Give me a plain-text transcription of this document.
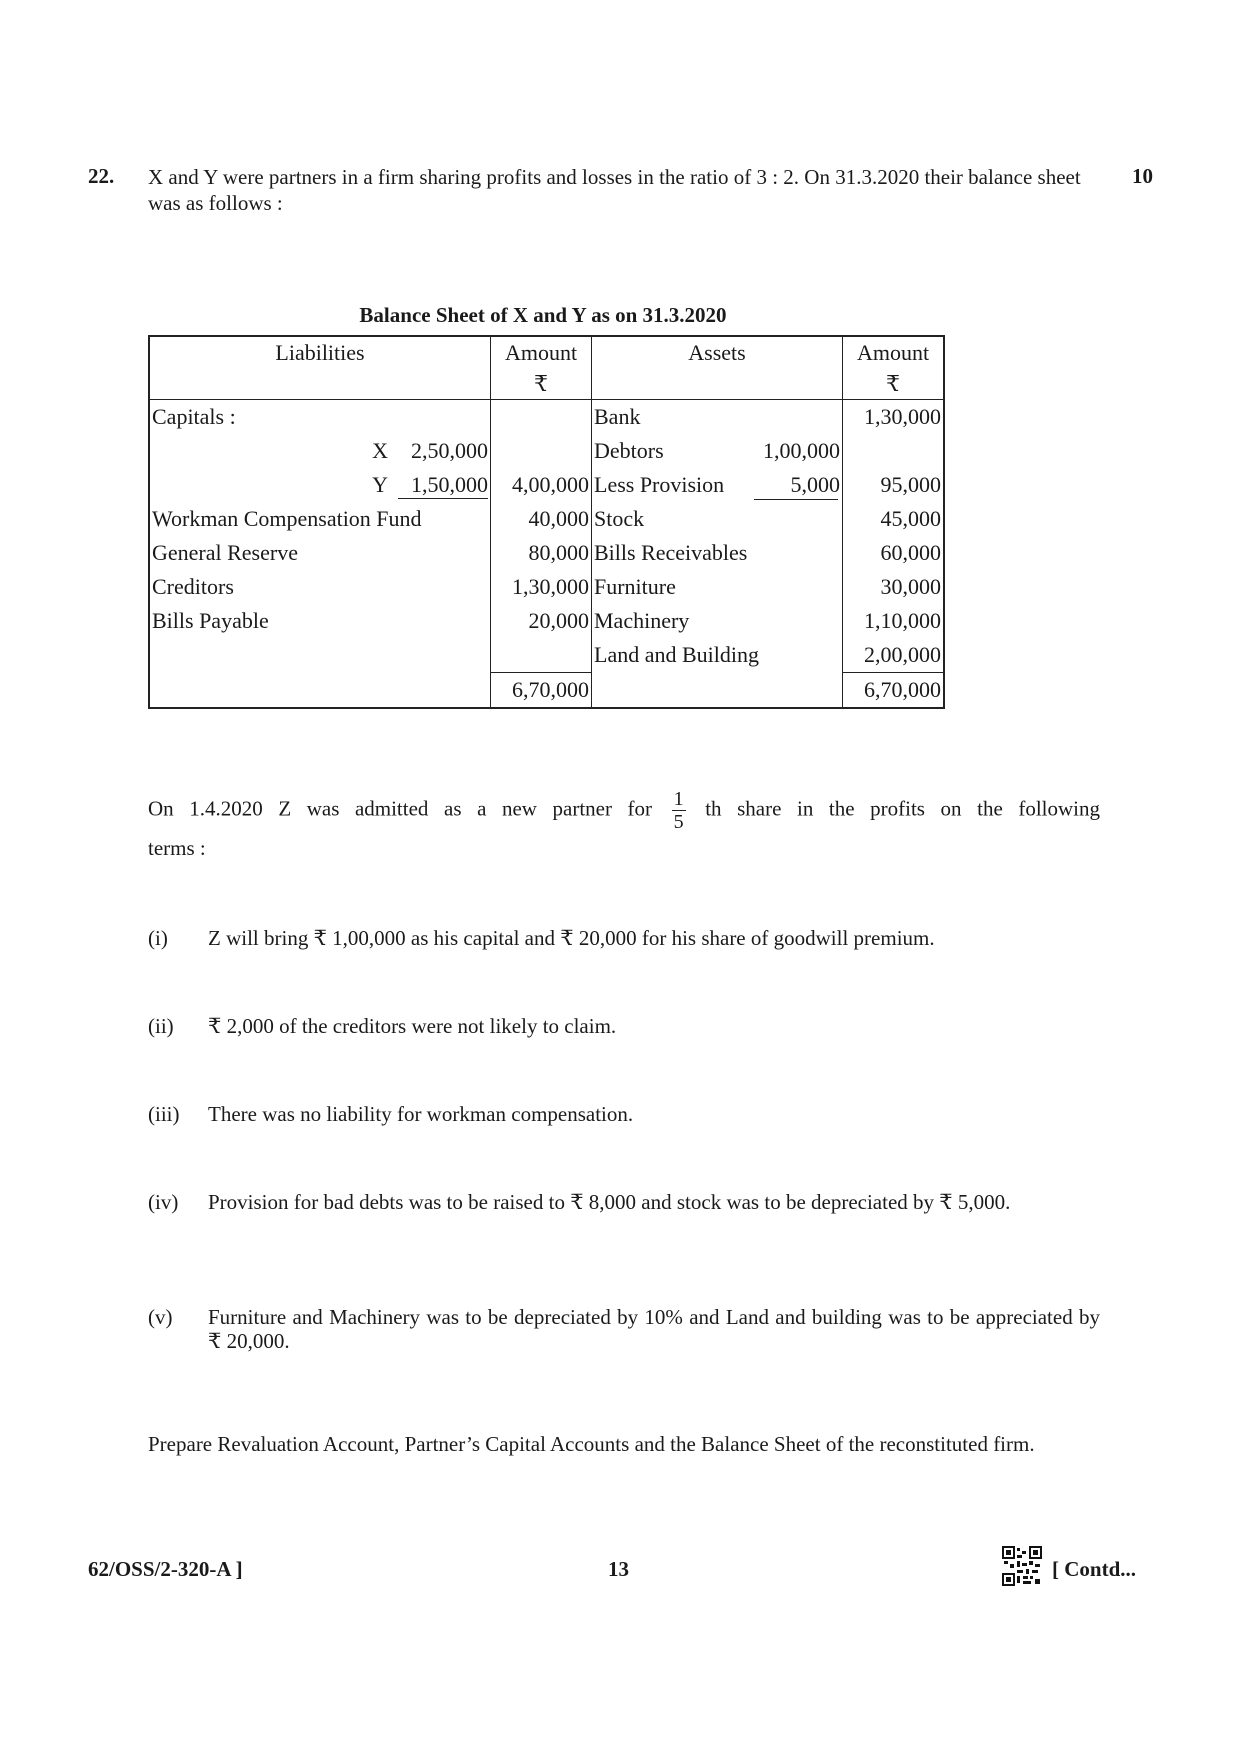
22. X and Y were partners in a firm sharing profits and losses in the ratio of 3 : 2. On 31.3.2020 their balance sheet was as follows :
10
Balance Sheet of X and Y as on 31.3.2020
Liabilities	Amount	Assets	Amount
	₹		₹
Capitals :		Bank	1,30,000

X 2,50,000		Debtors 1,00,000	

Y 1,50,000	4,00,000	Less Provision 5,000	95,000
Workman Compensation Fund	40,000	Stock	45,000
General Reserve	80,000	Bills Receivables	60,000
Creditors	1,30,000	Furniture	30,000
Bills Payable	20,000	Machinery	1,10,000
		Land and Building	2,00,000
	6,70,000		6,70,000
On 1.4.2020 Z was admitted as a new partner for $\frac{1}{5}$ th share in the profits on the following
terms :
(i) Z will bring ₹ 1,00,000 as his capital and ₹ 20,000 for his share of goodwill premium.
(ii) ₹ 2,000 of the creditors were not likely to claim.
(iii) There was no liability for workman compensation.
(iv) Provision for bad debts was to be raised to ₹ 8,000 and stock was to be depreciated by ₹ 5,000.
(v) Furniture and Machinery was to be depreciated by 10% and Land and building was to be appreciated by ₹ 20,000.
Prepare Revaluation Account, Partner’s Capital Accounts and the Balance Sheet of the reconstituted firm.
62/OSS/2-320-A ]	13	[ Contd...
